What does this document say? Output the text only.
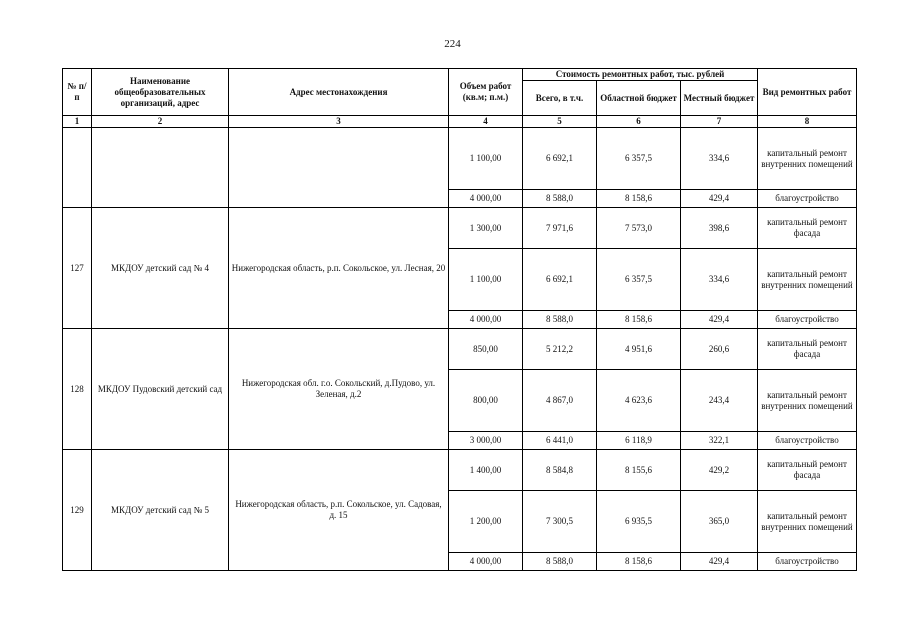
224
№ п/п	Наименование общеобразовательных организаций, адрес	Адрес местонахождения	Объем работ (кв.м; п.м.)	Стоимость ремонтных работ, тыс. рублей			Вид ремонтных работ
				Всего, в т.ч.	Областной бюджет	Местный бюджет	
1	2	3	4	5	6	7	8
			1 100,00	6 692,1	6 357,5	334,6	капитальный ремонт внутренних помещений
			4 000,00	8 588,0	8 158,6	429,4	благоустройство
127	МКДОУ детский сад № 4	Нижегородская область, р.п. Сокольское, ул. Лесная, 20	1 300,00	7 971,6	7 573,0	398,6	капитальный ремонт фасада
			1 100,00	6 692,1	6 357,5	334,6	капитальный ремонт внутренних помещений
			4 000,00	8 588,0	8 158,6	429,4	благоустройство
128	МКДОУ Пудовский детский сад	Нижегородская обл. г.о. Сокольский, д.Пудово, ул. Зеленая, д.2	850,00	5 212,2	4 951,6	260,6	капитальный ремонт фасада
			800,00	4 867,0	4 623,6	243,4	капитальный ремонт внутренних помещений
			3 000,00	6 441,0	6 118,9	322,1	благоустройство
129	МКДОУ детский сад № 5	Нижегородская область, р.п. Сокольское, ул. Садовая, д. 15	1 400,00	8 584,8	8 155,6	429,2	капитальный ремонт фасада
			1 200,00	7 300,5	6 935,5	365,0	капитальный ремонт внутренних помещений
			4 000,00	8 588,0	8 158,6	429,4	благоустройство
